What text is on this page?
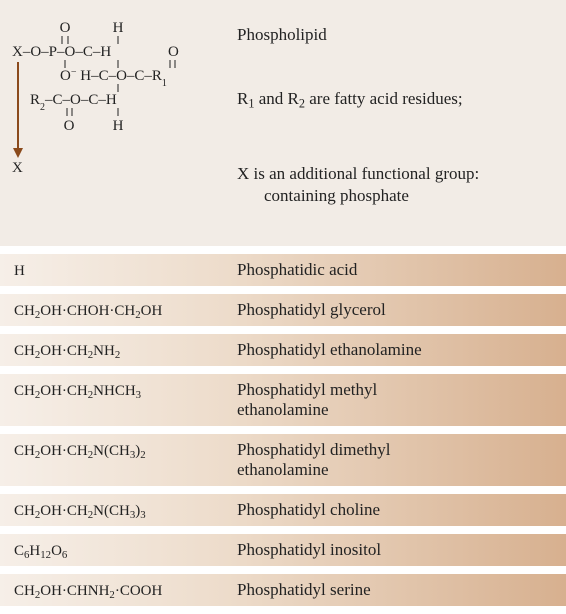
O	H
X–O–P–O–C–H	O
O− $H-C-O-C-R_1$
$R_2-C-O-C-H$
O	H
X
Phospholipid
$R_1$ and $R_2$ are fatty acid residues;
X is an additional functional group:
containing phosphate
H	Phosphatidic acid
$CH_2OH\cdot CHOH\cdot CH_2OH$	Phosphatidyl glycerol
$CH_2OH\cdot CH_2NH_2$	Phosphatidyl ethanolamine
$CH_2OH\cdot CH_2NHCH_3$	Phosphatidyl methyl ethanolamine
$CH_2OH\cdot CH_2N(CH_3)_2$	Phosphatidyl dimethyl ethanolamine
$CH_2OH\cdot CH_2N(CH_3)_3$	Phosphatidyl choline
$C_6H_{12}O_6$	Phosphatidyl inositol
$CH_2OH\cdot CHNH_2\cdot COOH$	Phosphatidyl serine
